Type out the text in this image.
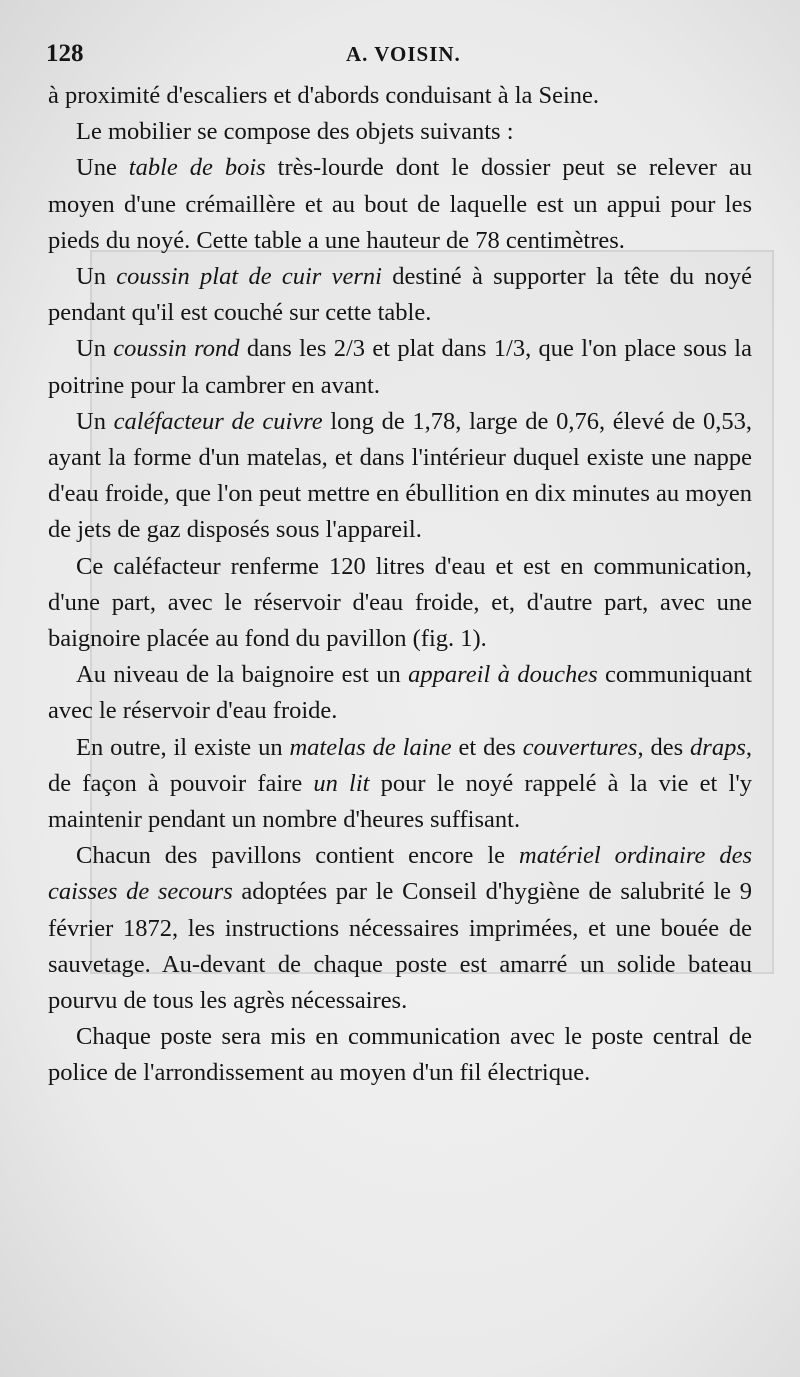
128	A. VOISIN.

à proximité d'escaliers et d'abords conduisant à la Seine.

Le mobilier se compose des objets suivants :

Une table de bois très-lourde dont le dossier peut se relever au moyen d'une crémaillère et au bout de laquelle est un appui pour les pieds du noyé. Cette table a une hauteur de 78 centimètres.

Un coussin plat de cuir verni destiné à supporter la tête du noyé pendant qu'il est couché sur cette table.

Un coussin rond dans les 2/3 et plat dans 1/3, que l'on place sous la poitrine pour la cambrer en avant.

Un caléfacteur de cuivre long de 1,78, large de 0,76, élevé de 0,53, ayant la forme d'un matelas, et dans l'intérieur duquel existe une nappe d'eau froide, que l'on peut mettre en ébullition en dix minutes au moyen de jets de gaz disposés sous l'appareil.

Ce caléfacteur renferme 120 litres d'eau et est en communication, d'une part, avec le réservoir d'eau froide, et, d'autre part, avec une baignoire placée au fond du pavillon (fig. 1).

Au niveau de la baignoire est un appareil à douches communiquant avec le réservoir d'eau froide.

En outre, il existe un matelas de laine et des couvertures, des draps, de façon à pouvoir faire un lit pour le noyé rappelé à la vie et l'y maintenir pendant un nombre d'heures suffisant.

Chacun des pavillons contient encore le matériel ordinaire des caisses de secours adoptées par le Conseil d'hygiène de salubrité le 9 février 1872, les instructions nécessaires imprimées, et une bouée de sauvetage. Au-devant de chaque poste est amarré un solide bateau pourvu de tous les agrès nécessaires.

Chaque poste sera mis en communication avec le poste central de police de l'arrondissement au moyen d'un fil électrique.
